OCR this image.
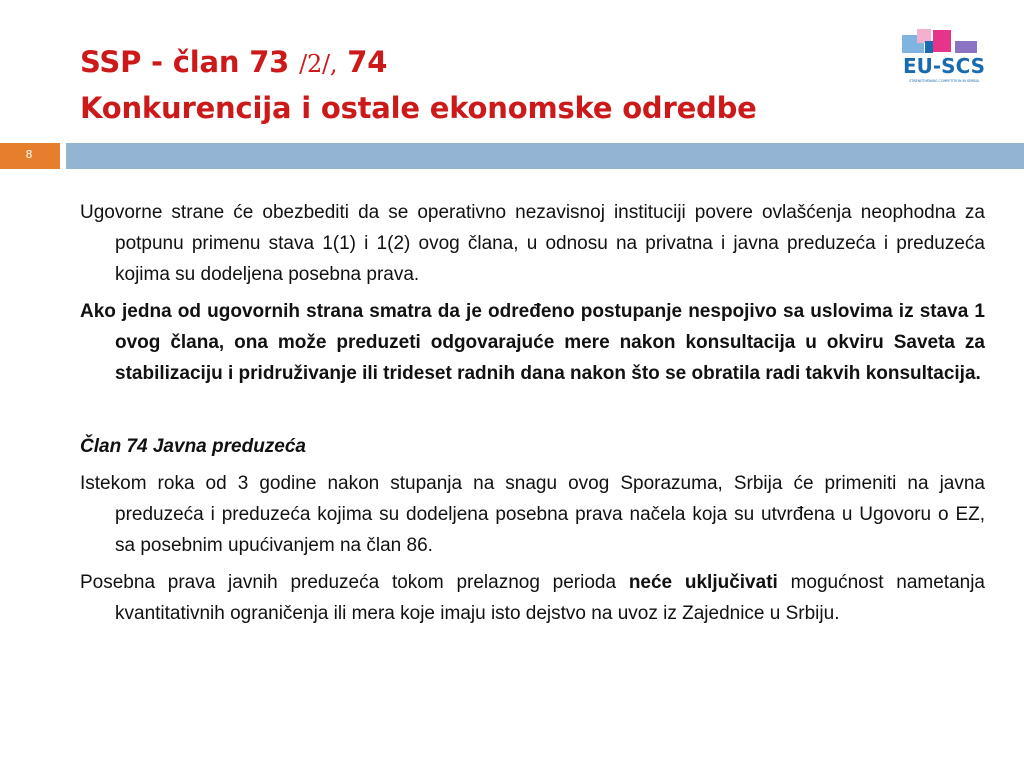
SSP - član 73 /2/, 74
Konkurencija i ostale ekonomske odredbe
EU-SCS
STRENGTHENING COMPETITION IN SERBIA
8

Ugovorne strane će obezbediti da se operativno nezavisnoj instituciji povere ovlašćenja neophodna za potpunu primenu stava 1(1) i 1(2) ovog člana, u odnosu na privatna i javna preduzeća i preduzeća kojima su dodeljena posebna prava.

Ako jedna od ugovornih strana smatra da je određeno postupanje nespojivo sa uslovima iz stava 1 ovog člana, ona može preduzeti odgovarajuće mere nakon konsultacija u okviru Saveta za stabilizaciju i pridruživanje ili trideset radnih dana nakon što se obratila radi takvih konsultacija.

Član 74 Javna preduzeća

Istekom roka od 3 godine nakon stupanja na snagu ovog Sporazuma, Srbija će primeniti na javna preduzeća i preduzeća kojima su dodeljena posebna prava načela koja su utvrđena u Ugovoru o EZ, sa posebnim upućivanjem na član 86.

Posebna prava javnih preduzeća tokom prelaznog perioda neće uključivati mogućnost nametanja kvantitativnih ograničenja ili mera koje imaju isto dejstvo na uvoz iz Zajednice u Srbiju.
